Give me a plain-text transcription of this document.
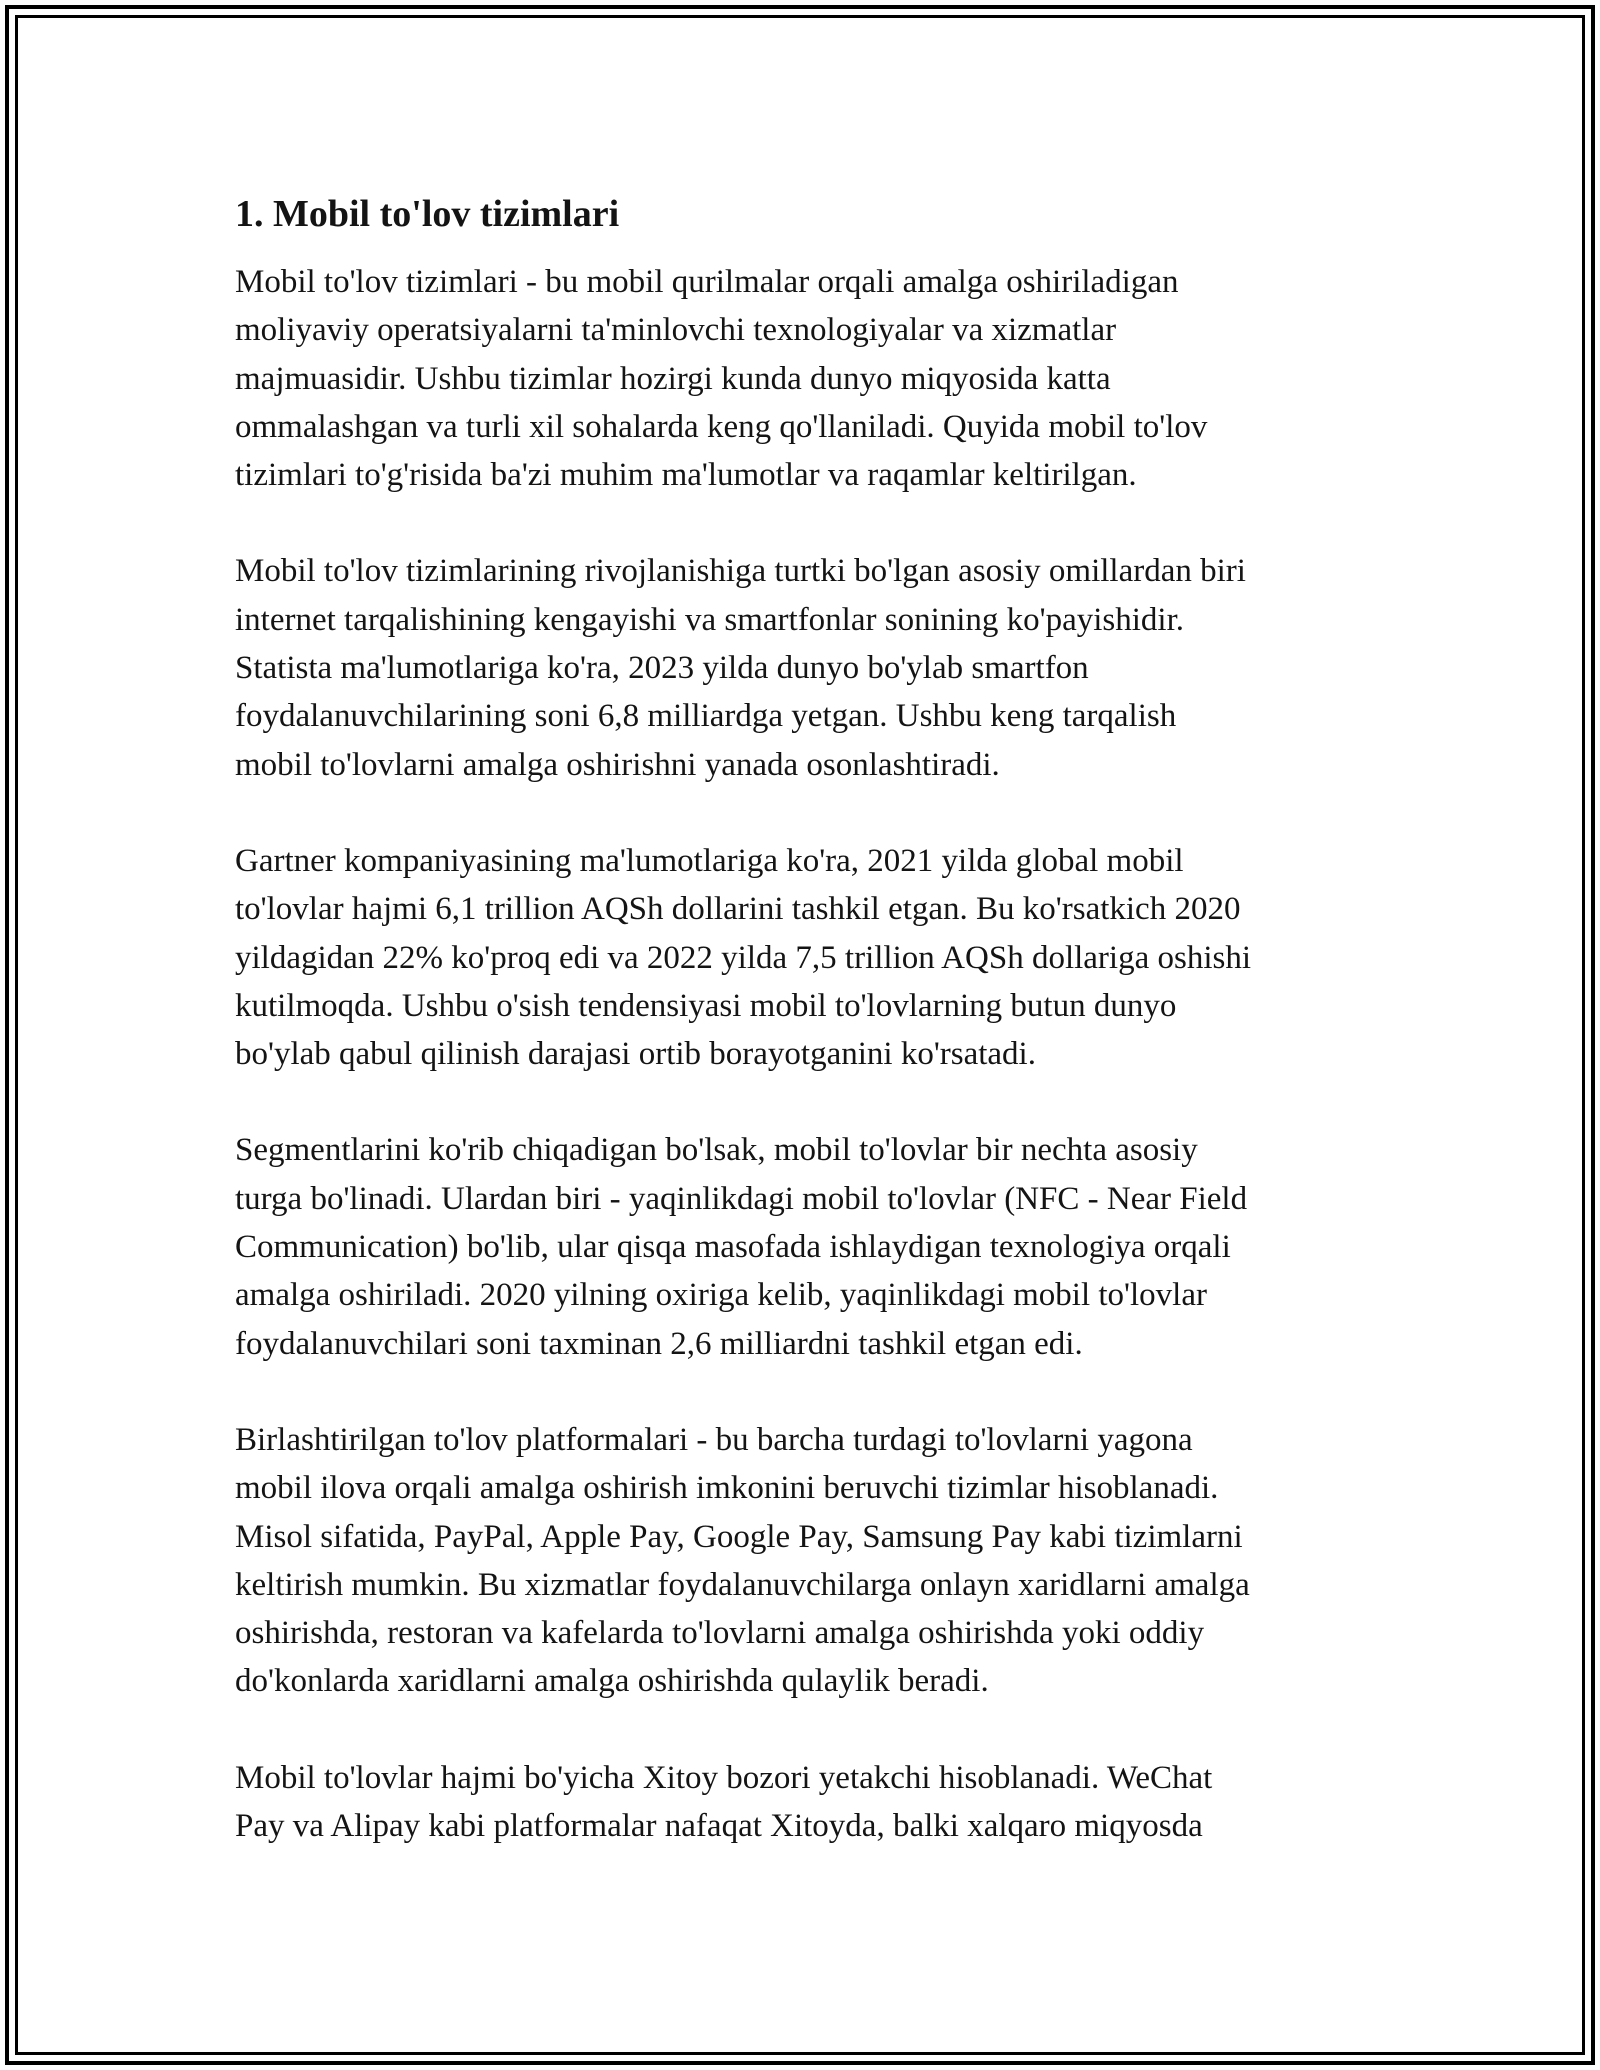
1. Mobil to'lov tizimlari

Mobil to'lov tizimlari - bu mobil qurilmalar orqali amalga oshiriladigan
moliyaviy operatsiyalarni ta'minlovchi texnologiyalar va xizmatlar
majmuasidir. Ushbu tizimlar hozirgi kunda dunyo miqyosida katta
ommalashgan va turli xil sohalarda keng qo'llaniladi. Quyida mobil to'lov
tizimlari to'g'risida ba'zi muhim ma'lumotlar va raqamlar keltirilgan.

Mobil to'lov tizimlarining rivojlanishiga turtki bo'lgan asosiy omillardan biri
internet tarqalishining kengayishi va smartfonlar sonining ko'payishidir.
Statista ma'lumotlariga ko'ra, 2023 yilda dunyo bo'ylab smartfon
foydalanuvchilarining soni 6,8 milliardga yetgan. Ushbu keng tarqalish
mobil to'lovlarni amalga oshirishni yanada osonlashtiradi.

Gartner kompaniyasining ma'lumotlariga ko'ra, 2021 yilda global mobil
to'lovlar hajmi 6,1 trillion AQSh dollarini tashkil etgan. Bu ko'rsatkich 2020
yildagidan 22% ko'proq edi va 2022 yilda 7,5 trillion AQSh dollariga oshishi
kutilmoqda. Ushbu o'sish tendensiyasi mobil to'lovlarning butun dunyo
bo'ylab qabul qilinish darajasi ortib borayotganini ko'rsatadi.

Segmentlarini ko'rib chiqadigan bo'lsak, mobil to'lovlar bir nechta asosiy
turga bo'linadi. Ulardan biri - yaqinlikdagi mobil to'lovlar (NFC - Near Field
Communication) bo'lib, ular qisqa masofada ishlaydigan texnologiya orqali
amalga oshiriladi. 2020 yilning oxiriga kelib, yaqinlikdagi mobil to'lovlar
foydalanuvchilari soni taxminan 2,6 milliardni tashkil etgan edi.

Birlashtirilgan to'lov platformalari - bu barcha turdagi to'lovlarni yagona
mobil ilova orqali amalga oshirish imkonini beruvchi tizimlar hisoblanadi.
Misol sifatida, PayPal, Apple Pay, Google Pay, Samsung Pay kabi tizimlarni
keltirish mumkin. Bu xizmatlar foydalanuvchilarga onlayn xaridlarni amalga
oshirishda, restoran va kafelarda to'lovlarni amalga oshirishda yoki oddiy
do'konlarda xaridlarni amalga oshirishda qulaylik beradi.

Mobil to'lovlar hajmi bo'yicha Xitoy bozori yetakchi hisoblanadi. WeChat
Pay va Alipay kabi platformalar nafaqat Xitoyda, balki xalqaro miqyosda
